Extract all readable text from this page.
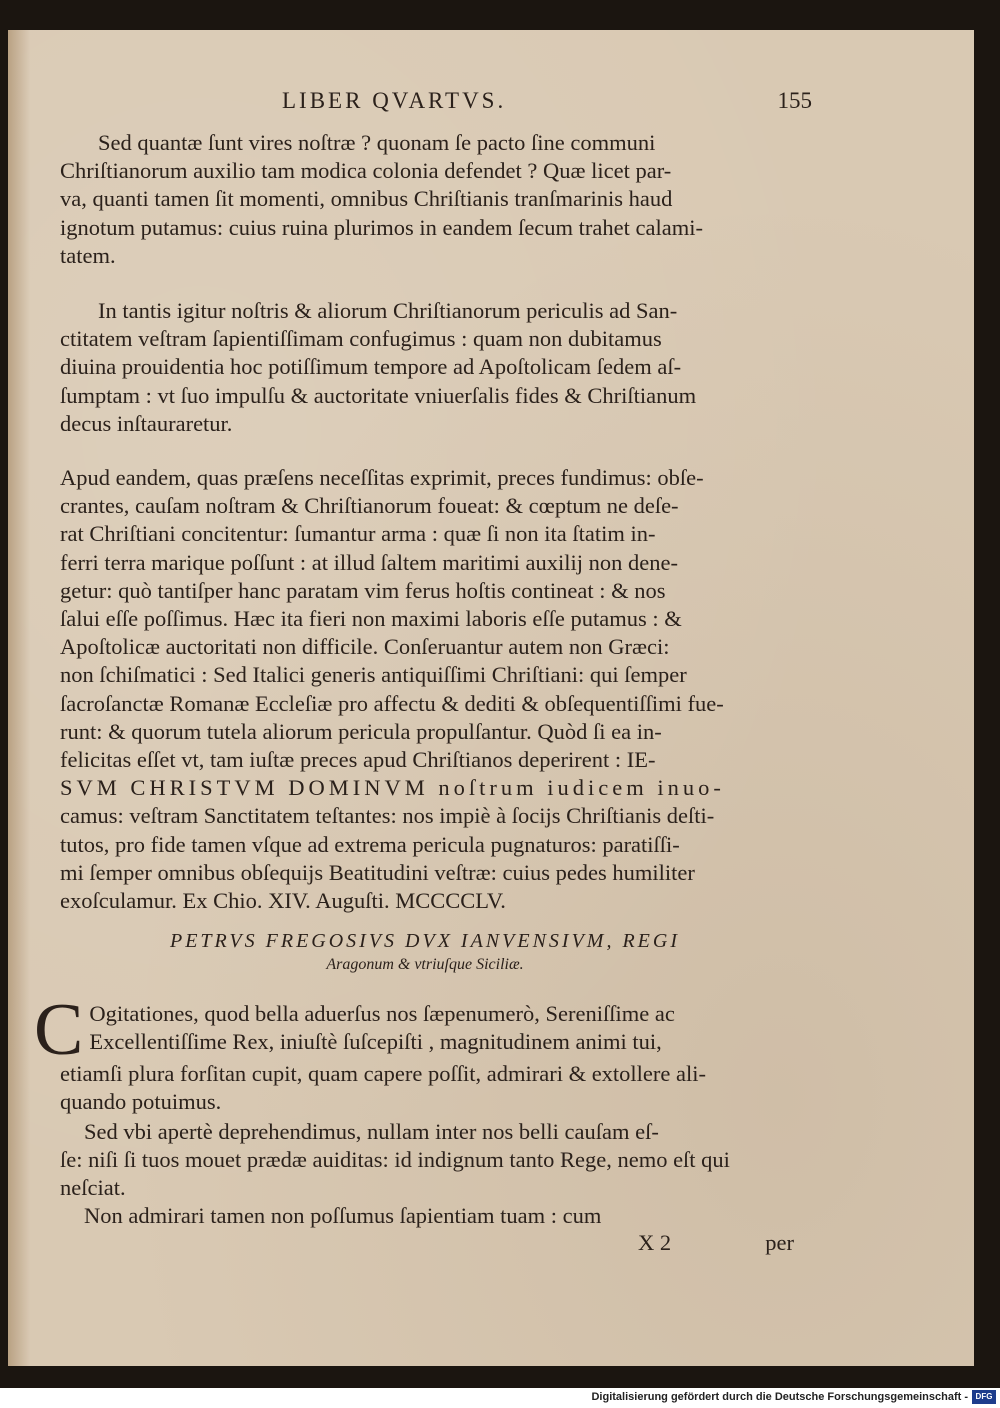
LIBER QVARTVS.	155

Sed quantæ ſunt vires noſtræ ? quonam ſe pacto ſine communi

Chriſtianorum auxilio tam modica colonia defendet ? Quæ licet par-

va, quanti tamen ſit momenti, omnibus Chriſtianis tranſmarinis haud

ignotum putamus: cuius ruina plurimos in eandem ſecum trahet calami-

tatem.

In tantis igitur noſtris & aliorum Chriſtianorum periculis ad San-

ctitatem veſtram ſapientiſſimam confugimus : quam non dubitamus

diuina prouidentia hoc potiſſimum tempore ad Apoſtolicam ſedem aſ-

ſumptam : vt ſuo impulſu & auctoritate vniuerſalis fides & Chriſtianum

decus inſtauraretur.

Apud eandem, quas præſens neceſſitas exprimit, preces fundimus: obſe-

crantes, cauſam noſtram & Chriſtianorum foueat: & cœptum ne deſe-

rat Chriſtiani concitentur: ſumantur arma : quæ ſi non ita ſtatim in-

ferri terra marique poſſunt : at illud ſaltem maritimi auxilij non dene-

getur: quò tantiſper hanc paratam vim ferus hoſtis contineat : & nos

ſalui eſſe poſſimus. Hæc ita fieri non maximi laboris eſſe putamus : &

Apoſtolicæ auctoritati non difficile. Conſeruantur autem non Græci:

non ſchiſmatici : Sed Italici generis antiquiſſimi Chriſtiani: qui ſemper

ſacroſanctæ Romanæ Eccleſiæ pro affectu & dediti & obſequentiſſimi fue-

runt: & quorum tutela aliorum pericula propulſantur. Quòd ſi ea in-

felicitas eſſet vt, tam iuſtæ preces apud Chriſtianos deperirent : IE-

SVM CHRISTVM DOMINVM noſtrum iudicem inuo-

camus: veſtram Sanctitatem teſtantes: nos impiè à ſocijs Chriſtianis deſti-

tutos, pro fide tamen vſque ad extrema pericula pugnaturos: paratiſſi-

mi ſemper omnibus obſequijs Beatitudini veſtræ: cuius pedes humiliter

exoſculamur. Ex Chio. XIV. Auguſti. MCCCCLV.

PETRVS FREGOSIVS DVX IANVENSIVM, REGI
Aragonum & vtriuſque Siciliæ.
C Ogitationes, quod bella aduerſus nos ſæpenumerò, Sereniſſime ac

Excellentiſſime Rex, iniuſtè ſuſcepiſti , magnitudinem animi tui,

etiamſi plura forſitan cupit, quam capere poſſit, admirari & extollere ali-

quando potuimus.

Sed vbi apertè deprehendimus, nullam inter nos belli cauſam eſ-

ſe: niſi ſi tuos mouet prædæ auiditas: id indignum tanto Rege, nemo eſt qui

neſciat.

Non admirari tamen non poſſumus ſapientiam tuam : cum

X 2	per
Digitalisierung gefördert durch die Deutsche Forschungsgemeinschaft - DFG
